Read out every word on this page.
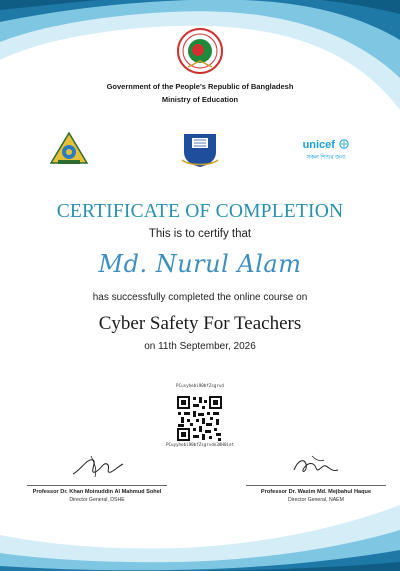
Government of the People's Republic of Bangladesh
Ministry of Education
unicef
সকল শিশুর জন্য
CERTIFICATE OF COMPLETION
This is to certify that
Md. Nurul Alam
has successfully completed the online course on
Cyber Safety For Teachers
on 11th September, 2026
PCusyhebi90bfZsgrvd
PCuyyhebi90bfZsgrvdn30H0iet
Professor Dr. Khan Moinuddin Al Mahmud Sohel
Director General, DSHE
Professor Dr. Wasim Md. Mejbahul Haque
Director General, NAEM
